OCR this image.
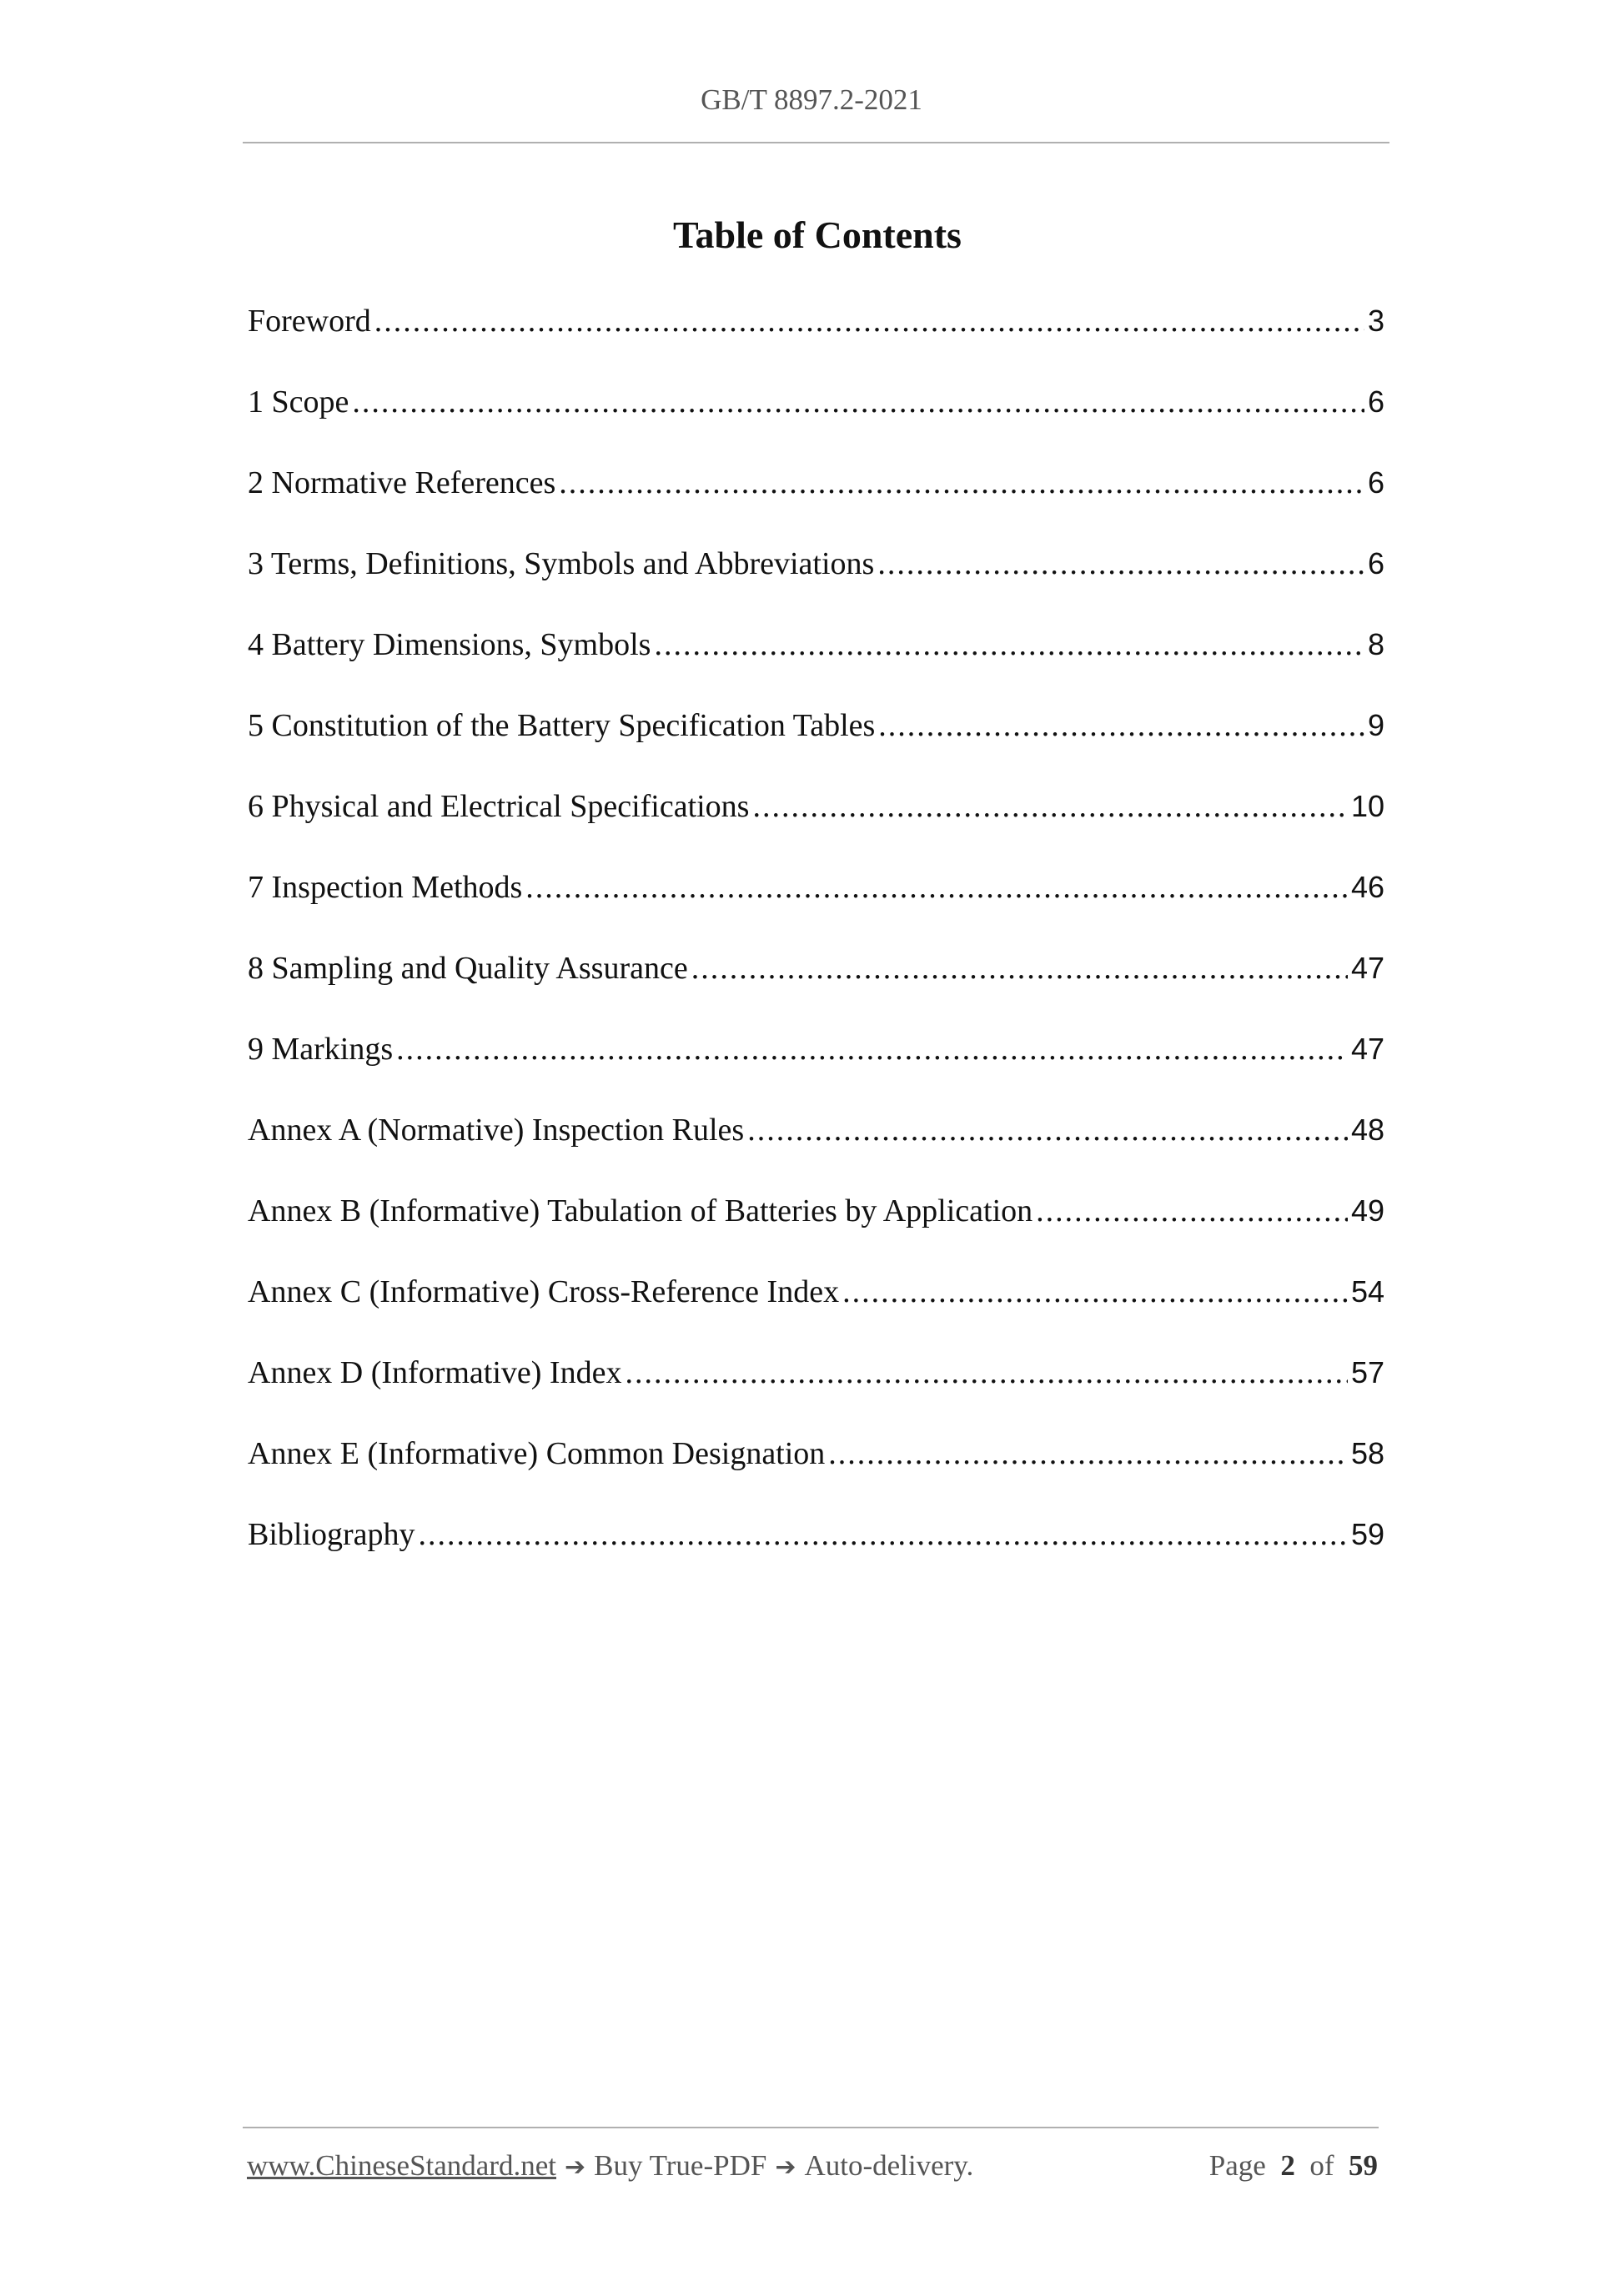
GB/T 8897.2-2021
Table of Contents
Foreword .....	3
1 Scope .....	6
2 Normative References .....	6
3 Terms, Definitions, Symbols and Abbreviations .....	6
4 Battery Dimensions, Symbols .....	8
5 Constitution of the Battery Specification Tables .....	9
6 Physical and Electrical Specifications .....	10
7 Inspection Methods .....	46
8 Sampling and Quality Assurance .....	47
9 Markings .....	47
Annex A (Normative) Inspection Rules .....	48
Annex B (Informative) Tabulation of Batteries by Application .....	49
Annex C (Informative) Cross-Reference Index .....	54
Annex D (Informative) Index .....	57
Annex E (Informative) Common Designation .....	58
Bibliography .....	59
www.ChineseStandard.net ➔ Buy True-PDF ➔ Auto-delivery.	Page 2 of 59
